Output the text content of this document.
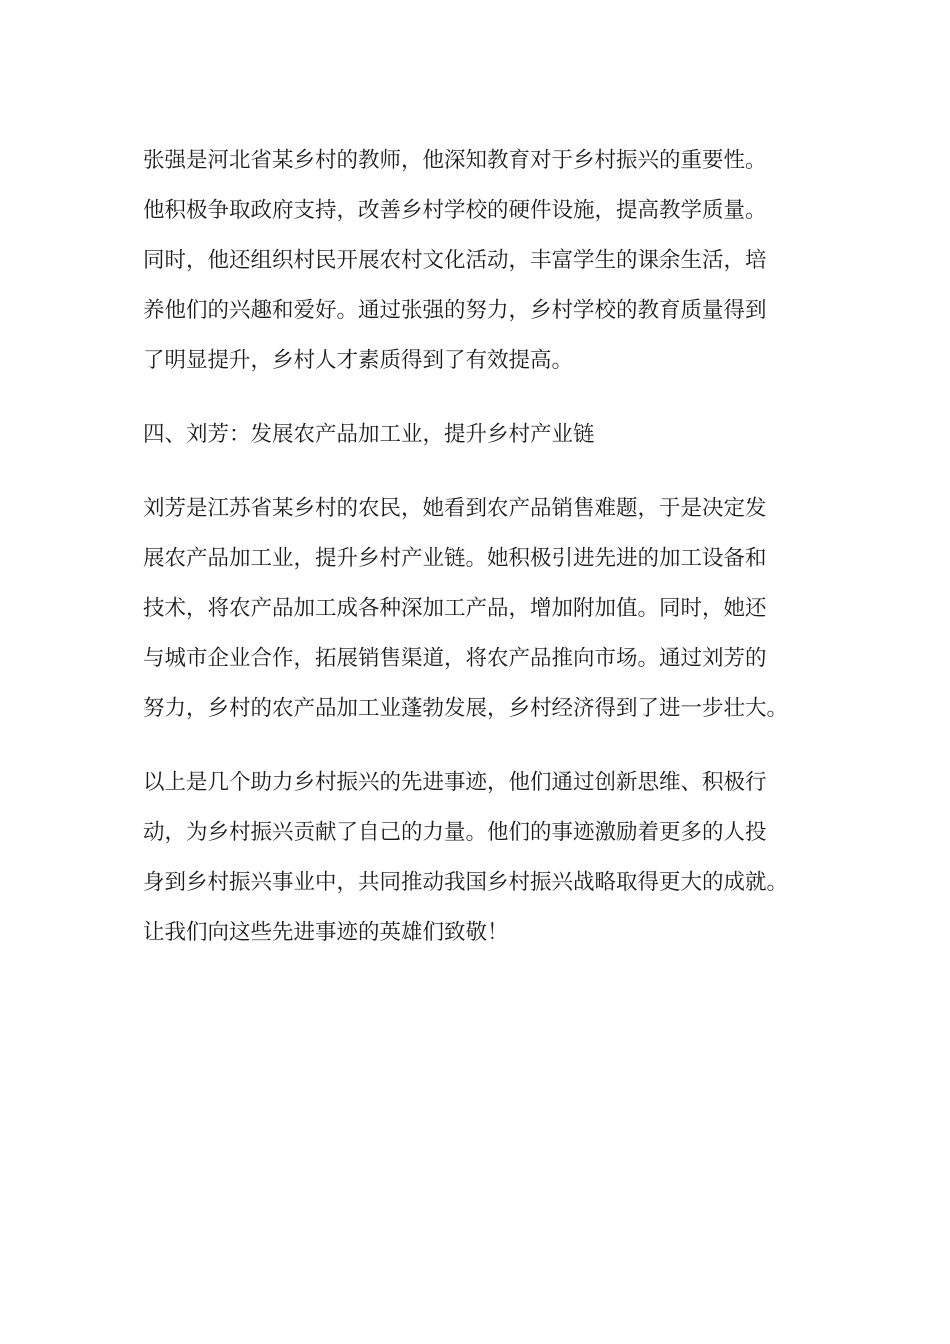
张强是河北省某乡村的教师，他深知教育对于乡村振兴的重要性。
他积极争取政府支持，改善乡村学校的硬件设施，提高教学质量。
同时，他还组织村民开展农村文化活动，丰富学生的课余生活，培
养他们的兴趣和爱好。通过张强的努力，乡村学校的教育质量得到
了明显提升，乡村人才素质得到了有效提高。

四、刘芳：发展农产品加工业，提升乡村产业链

刘芳是江苏省某乡村的农民，她看到农产品销售难题，于是决定发
展农产品加工业，提升乡村产业链。她积极引进先进的加工设备和
技术，将农产品加工成各种深加工产品，增加附加值。同时，她还
与城市企业合作，拓展销售渠道，将农产品推向市场。通过刘芳的
努力，乡村的农产品加工业蓬勃发展，乡村经济得到了进一步壮大。

以上是几个助力乡村振兴的先进事迹，他们通过创新思维、积极行
动，为乡村振兴贡献了自己的力量。他们的事迹激励着更多的人投
身到乡村振兴事业中，共同推动我国乡村振兴战略取得更大的成就。
让我们向这些先进事迹的英雄们致敬！
